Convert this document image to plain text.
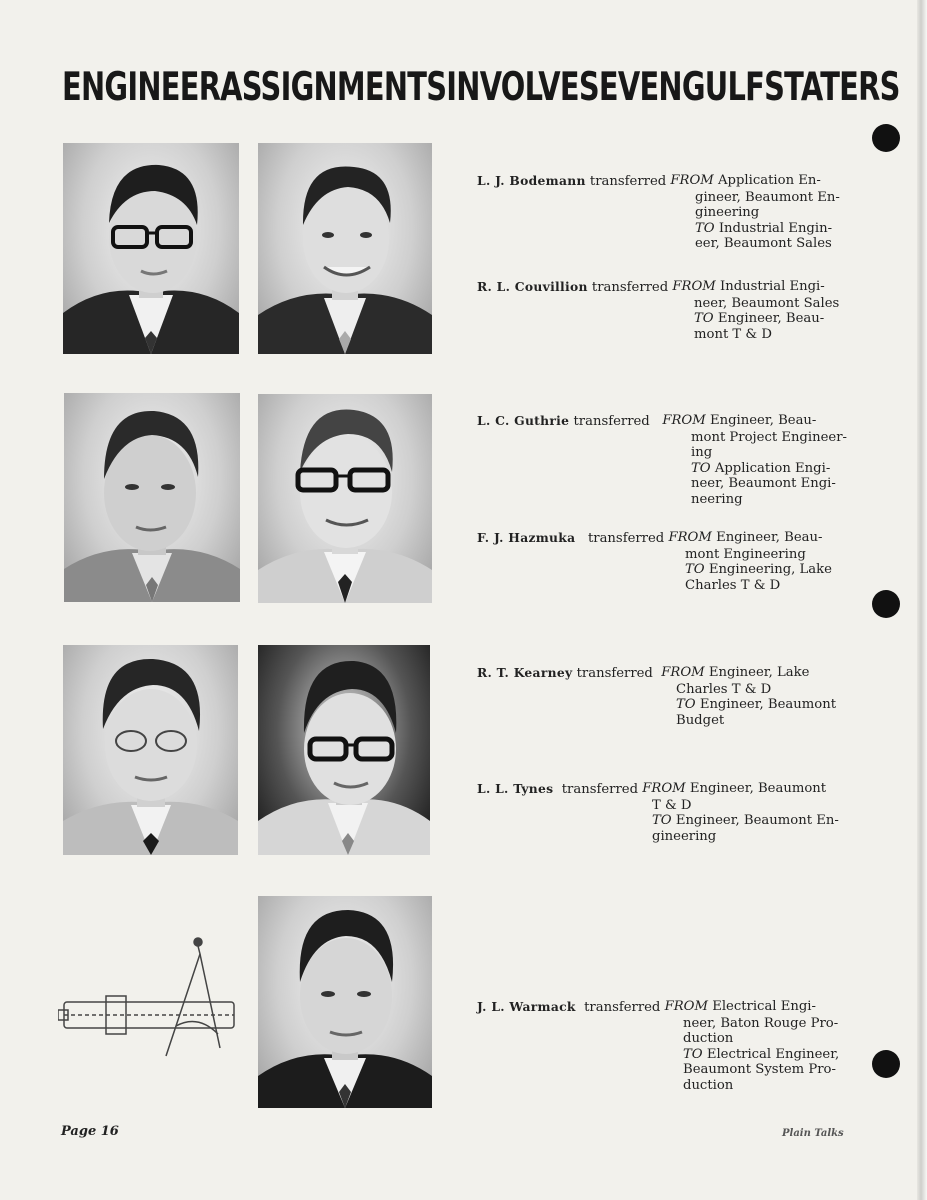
ENGINEER ASSIGNMENTS INVOLVE SEVEN GULF STATERS
L. J. Bodemann transferred FROM Application En-
gineer, Beaumont En-
gineering
TO Industrial Engin-
eer, Beaumont Sales
R. L. Couvillion transferred FROM Industrial Engi-
neer, Beaumont Sales
TO Engineer, Beau-
mont T & D
L. C. Guthrie transferred FROM Engineer, Beau-
mont Project Engineer-
ing
TO Application Engi-
neer, Beaumont Engi-
neering
F. J. Hazmuka transferred FROM Engineer, Beau-
mont Engineering
TO Engineering, Lake
Charles T & D
R. T. Kearney transferred FROM Engineer, Lake
Charles T & D
TO Engineer, Beaumont
Budget
L. L. Tynes transferred FROM Engineer, Beaumont
T & D
TO Engineer, Beaumont En-
gineering
J. L. Warmack transferred FROM Electrical Engi-
neer, Baton Rouge Pro-
duction
TO Electrical Engineer,
Beaumont System Pro-
duction
Page 16	Plain Talks
